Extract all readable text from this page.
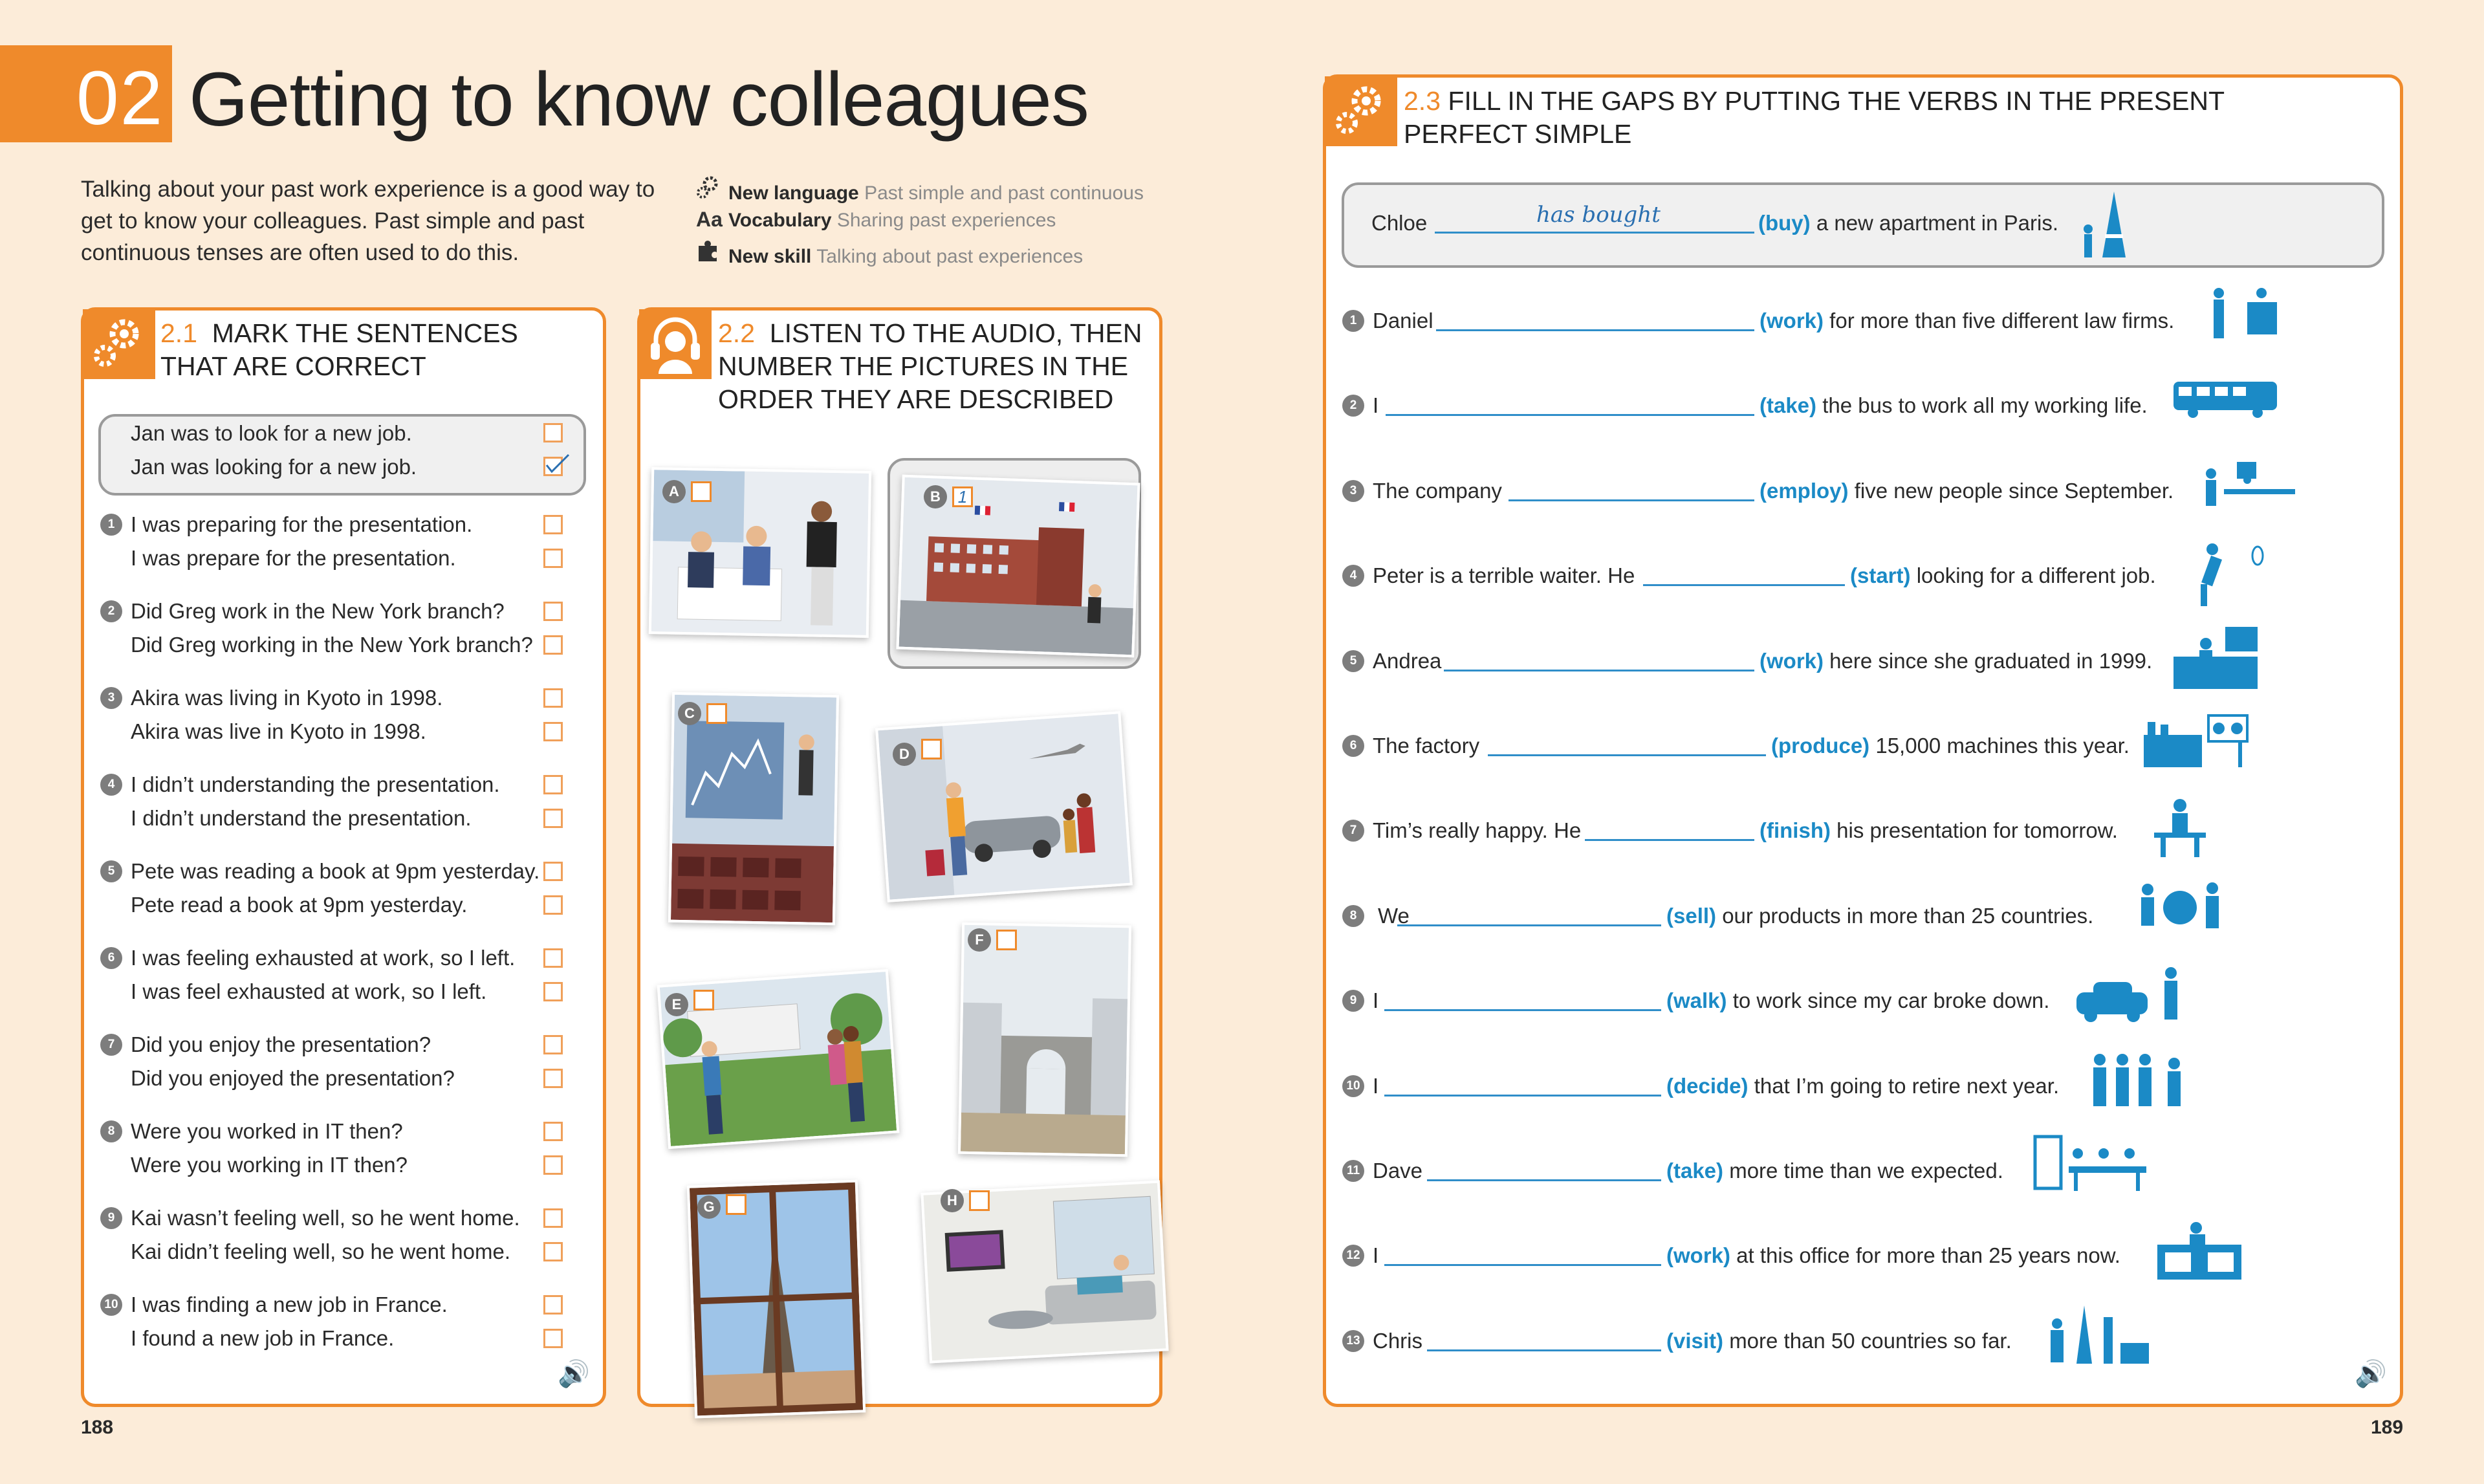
02 Getting to know colleagues
Talking about your past work experience is a good way to get to know your colleagues. Past simple and past continuous tenses are often used to do this.
New language Past simple and past continuous
Aa Vocabulary Sharing past experiences
New skill Talking about past experiences
2.1 MARK THE SENTENCES
THAT ARE CORRECT
Jan was to look for a new job.
Jan was looking for a new job.
1 I was preparing for the presentation.
I was prepare for the presentation.
2 Did Greg work in the New York branch?
Did Greg working in the New York branch?
3 Akira was living in Kyoto in 1998.
Akira was live in Kyoto in 1998.
4 I didn’t understanding the presentation.
I didn’t understand the presentation.
5 Pete was reading a book at 9pm yesterday.
Pete read a book at 9pm yesterday.
6 I was feeling exhausted at work, so I left.
I was feel exhausted at work, so I left.
7 Did you enjoy the presentation?
Did you enjoyed the presentation?
8 Were you worked in IT then?
Were you working in IT then?
9 Kai wasn’t feeling well, so he went home.
Kai didn’t feeling well, so he went home.
10 I was finding a new job in France.
I found a new job in France.
🔊
2.2 LISTEN TO THE AUDIO, THEN
NUMBER THE PICTURES IN THE
ORDER THEY ARE DESCRIBED
A	B	1
C
D
E
F
G	H
2.3 FILL IN THE GAPS BY PUTTING THE VERBS IN THE PRESENT
PERFECT SIMPLE
Chloe	has bought	(buy) a new apartment in Paris.
1 Daniel	(work) for more than five different law firms.
2 I	(take) the bus to work all my working life.
3 The company	(employ) five new people since September.
4 Peter is a terrible waiter. He	(start) looking for a different job.
5 Andrea	(work) here since she graduated in 1999.
6 The factory	(produce) 15,000 machines this year.
7 Tim’s really happy. He	(finish) his presentation for tomorrow.
8 We	(sell) our products in more than 25 countries.
9 I	(walk) to work since my car broke down.
10 I	(decide) that I’m going to retire next year.
11 Dave	(take) more time than we expected.
12 I	(work) at this office for more than 25 years now.
13 Chris	(visit) more than 50 countries so far.
🔊
188	189
